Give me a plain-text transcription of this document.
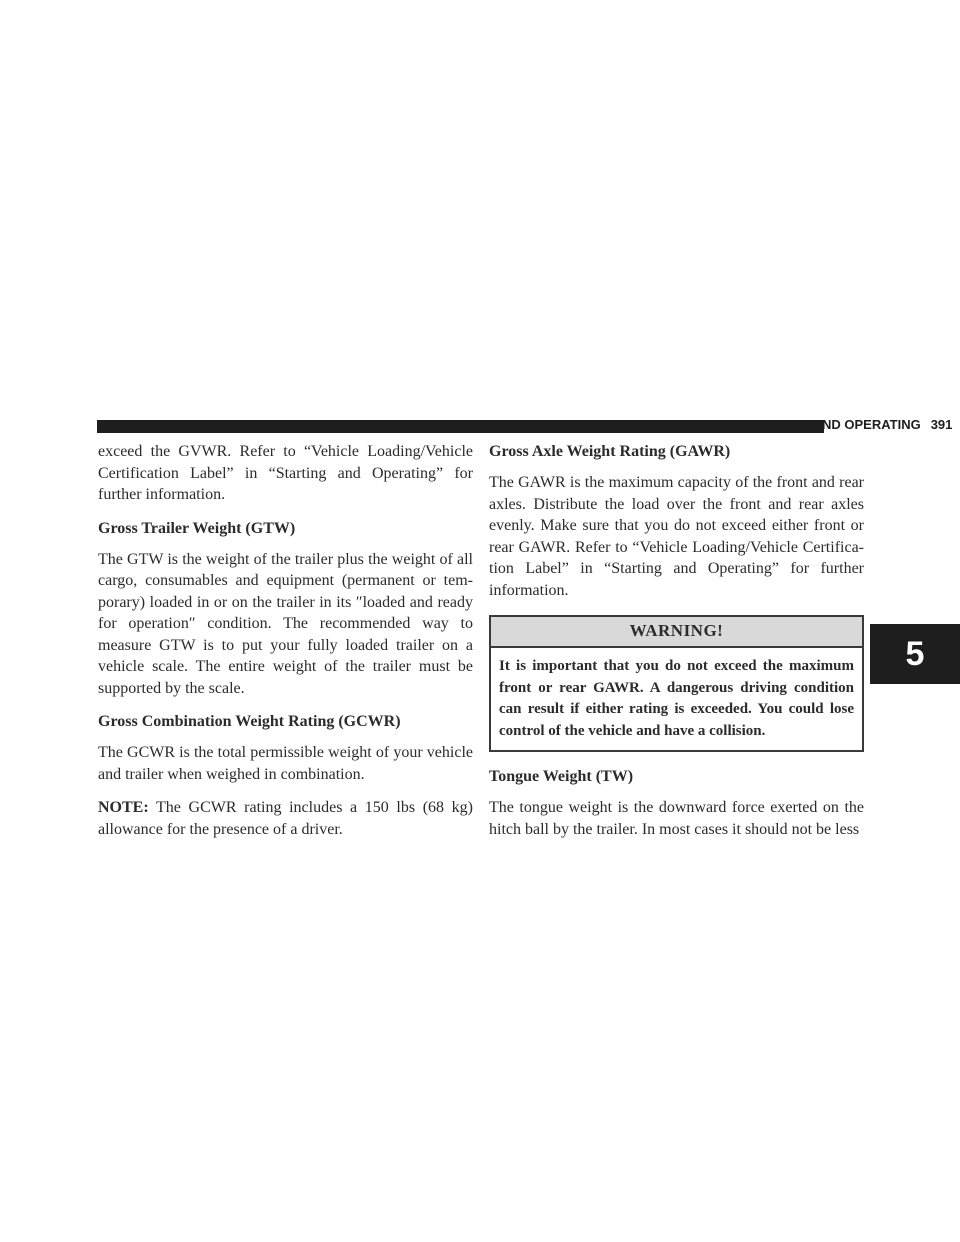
STARTING AND OPERATING 391
5

exceed the GVWR. Refer to “Vehicle Loading/Vehicle Certification Label” in “Starting and Operating” for further information.

Gross Trailer Weight (GTW)

The GTW is the weight of the trailer plus the weight of all cargo, consumables and equipment (permanent or tem-porary) loaded in or on the trailer in its ″loaded and ready for operation″ condition. The recommended way to measure GTW is to put your fully loaded trailer on a vehicle scale. The entire weight of the trailer must be supported by the scale.

Gross Combination Weight Rating (GCWR)

The GCWR is the total permissible weight of your vehicle and trailer when weighed in combination.

NOTE: The GCWR rating includes a 150 lbs (68 kg) allowance for the presence of a driver.

Gross Axle Weight Rating (GAWR)

The GAWR is the maximum capacity of the front and rear axles. Distribute the load over the front and rear axles evenly. Make sure that you do not exceed either front or rear GAWR. Refer to “Vehicle Loading/Vehicle Certifica-tion Label” in “Starting and Operating” for further information.

WARNING!
It is important that you do not exceed the maximum front or rear GAWR. A dangerous driving condition can result if either rating is exceeded. You could lose control of the vehicle and have a collision.
Tongue Weight (TW)

The tongue weight is the downward force exerted on the hitch ball by the trailer. In most cases it should not be less
